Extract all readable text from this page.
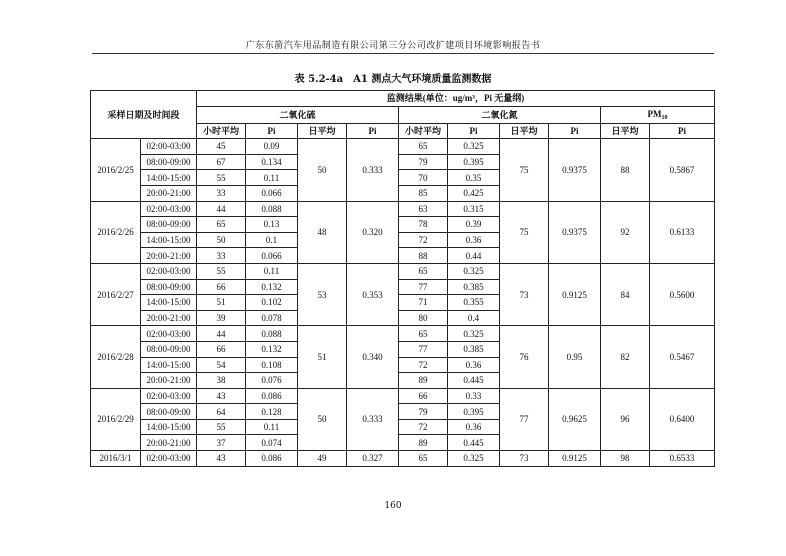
广东东箭汽车用品制造有限公司第三分公司改扩建项目环境影响报告书
表 5.2-4a　A1 测点大气环境质量监测数据
采样日期及时间段		监测结果(单位：ug/m³，Pi 无量纲)									
		二氧化硫				二氧化氮				$PM_{10}$
		小时平均	Pi	日平均	Pi	小时平均	Pi	日平均	Pi	日平均	Pi
2016/2/25	02:00-03:00	45	0.09	50	0.333	65	0.325	75	0.9375	88	0.5867
	08:00-09:00	67	0.134			79	0.395				
	14:00-15:00	55	0.11			70	0.35				
	20:00-21:00	33	0.066			85	0.425				
2016/2/26	02:00-03:00	44	0.088	48	0.320	63	0.315	75	0.9375	92	0.6133
	08:00-09:00	65	0.13			78	0.39				
	14:00-15:00	50	0.1			72	0.36				
	20:00-21:00	33	0.066			88	0.44				
2016/2/27	02:00-03:00	55	0.11	53	0.353	65	0.325	73	0.9125	84	0.5600
	08:00-09:00	66	0.132			77	0.385				
	14:00-15:00	51	0.102			71	0.355				
	20:00-21:00	39	0.078			80	0.4				
2016/2/28	02:00-03:00	44	0.088	51	0.340	65	0.325	76	0.95	82	0.5467
	08:00-09:00	66	0.132			77	0.385				
	14:00-15:00	54	0.108			72	0.36				
	20:00-21:00	38	0.076			89	0.445				
2016/2/29	02:00-03:00	43	0.086	50	0.333	66	0.33	77	0.9625	96	0.6400
	08:00-09:00	64	0.128			79	0.395				
	14:00-15:00	55	0.11			72	0.36				
	20:00-21:00	37	0.074			89	0.445				
2016/3/1	02:00-03:00	43	0.086	49	0.327	65	0.325	73	0.9125	98	0.6533
160
